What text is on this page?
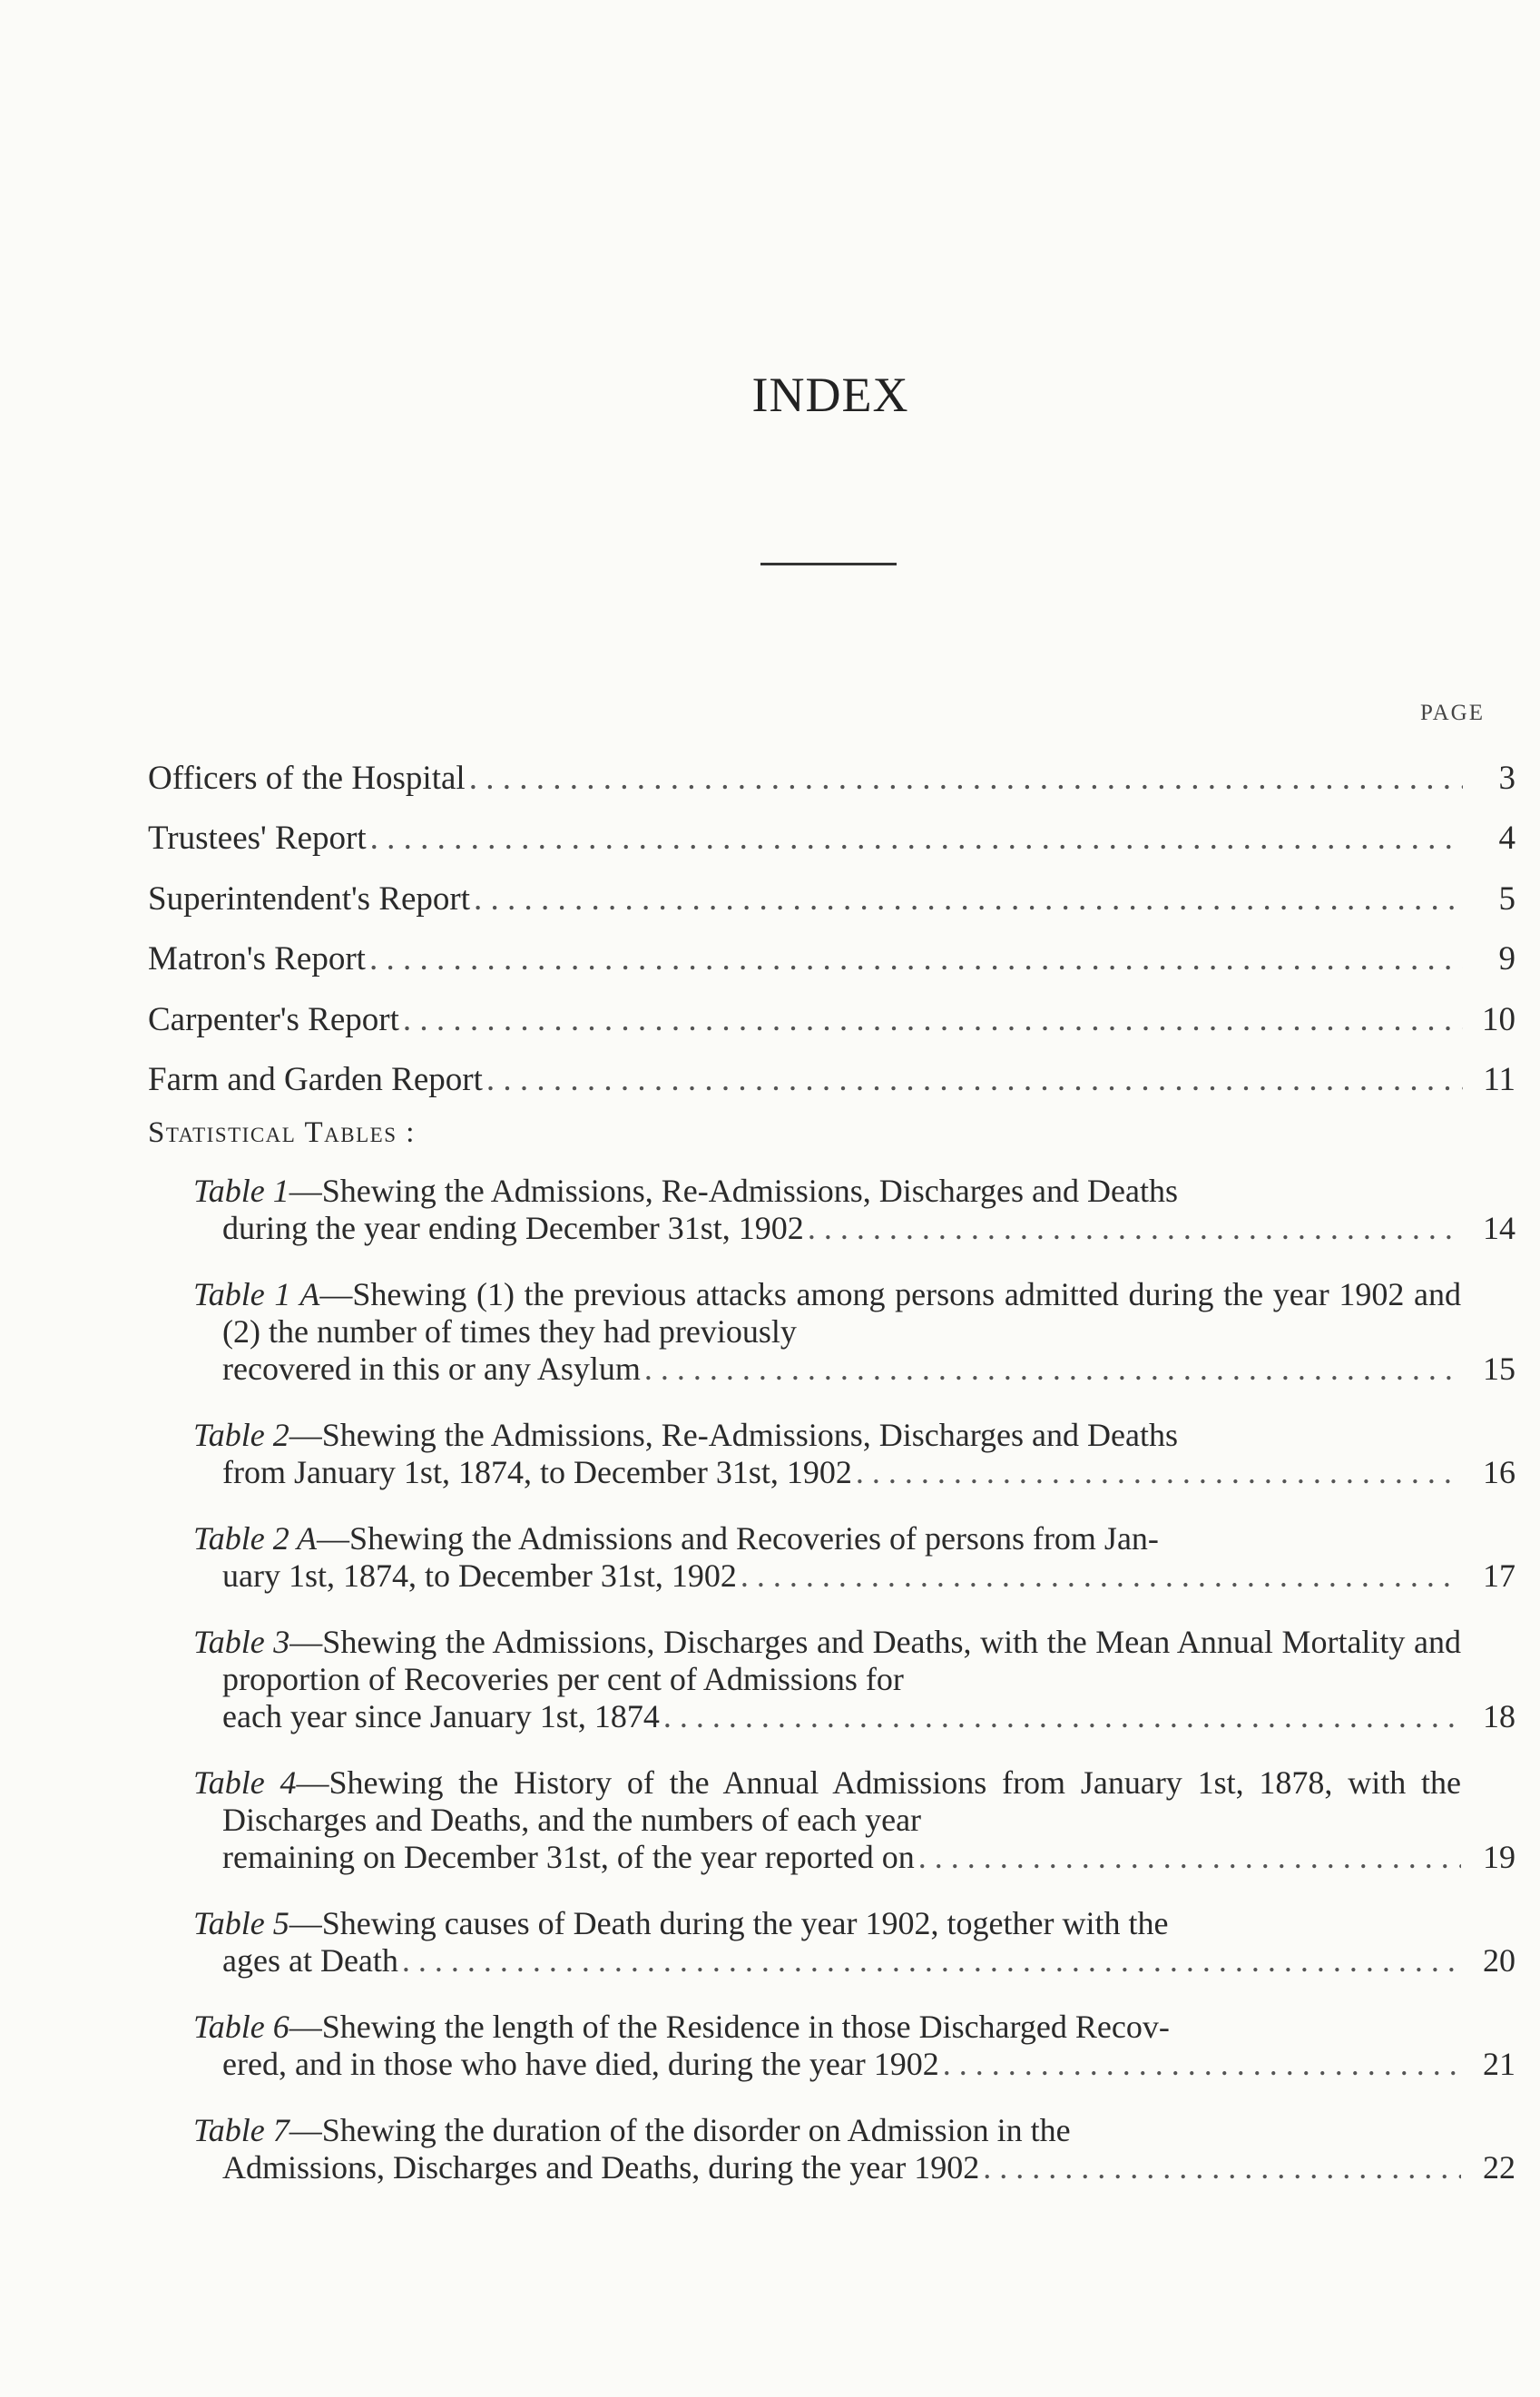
INDEX
PAGE
Officers of the Hospital . . .	3
Trustees' Report . . .	4
Superintendent's Report . . .	5
Matron's Report . . .	9
Carpenter's Report . . .	10
Farm and Garden Report . . .	11
Statistical Tables :
Table 1—Shewing the Admissions, Re-Admissions, Discharges and Deaths
during the year ending December 31st, 1902 . . .	14
Table 1 A—Shewing (1) the previous attacks among persons admitted during the year 1902 and (2) the number of times they had previously
recovered in this or any Asylum . . .	15
Table 2—Shewing the Admissions, Re-Admissions, Discharges and Deaths
from January 1st, 1874, to December 31st, 1902 . . .	16
Table 2 A—Shewing the Admissions and Recoveries of persons from Jan-
uary 1st, 1874, to December 31st, 1902 . . .	17
Table 3—Shewing the Admissions, Discharges and Deaths, with the Mean Annual Mortality and proportion of Recoveries per cent of Admissions for
each year since January 1st, 1874 . . .	18
Table 4—Shewing the History of the Annual Admissions from January 1st, 1878, with the Discharges and Deaths, and the numbers of each year
remaining on December 31st, of the year reported on . . .	19
Table 5—Shewing causes of Death during the year 1902, together with the
ages at Death . . .	20
Table 6—Shewing the length of the Residence in those Discharged Recov-
ered, and in those who have died, during the year 1902 . . .	21
Table 7—Shewing the duration of the disorder on Admission in the
Admissions, Discharges and Deaths, during the year 1902 . . .	22
